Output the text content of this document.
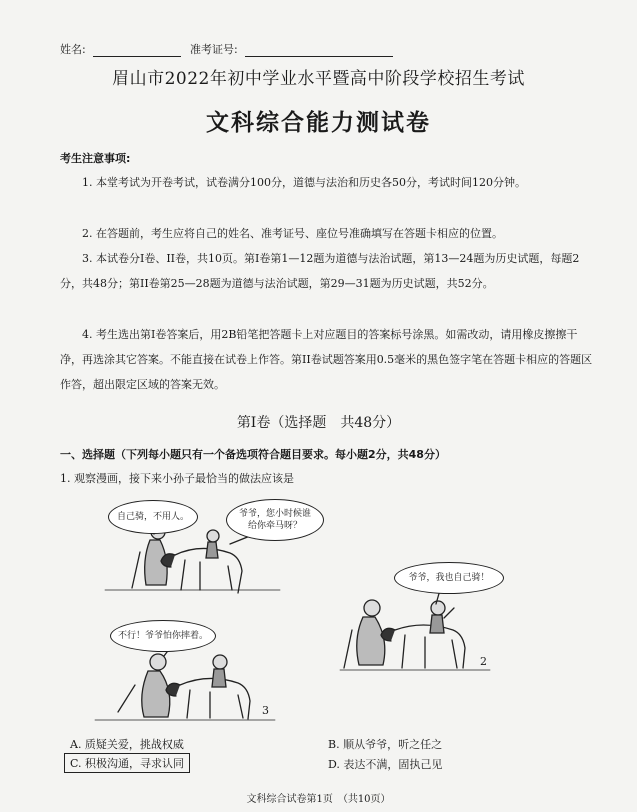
姓名:	准考证号:
眉山市2022年初中学业水平暨高中阶段学校招生考试
文科综合能力测试卷
考生注意事项:
1. 本堂考试为开卷考试，试卷满分100分，道德与法治和历史各50分，考试时间120分钟。
2. 在答题前，考生应将自己的姓名、准考证号、座位号准确填写在答题卡相应的位置。
3. 本试卷分I卷、II卷，共10页。第I卷第1—12题为道德与法治试题，第13—24题为历史试题，每题2分，共48分；第II卷第25—28题为道德与法治试题，第29—31题为历史试题，共52分。
4. 考生选出第I卷答案后，用2B铅笔把答题卡上对应题目的答案标号涂黑。如需改动，请用橡皮擦擦干净，再选涂其它答案。不能直接在试卷上作答。第II卷试题答案用0.5毫米的黑色签字笔在答题卡相应的答题区作答，超出限定区域的答案无效。
第I卷（选择题　共48分）
一、选择题（下列每小题只有一个备选项符合题目要求。每小题2分，共48分）
1. 观察漫画，接下来小孙子最恰当的做法应该是
自己骑，不用人。	爷爷，您小时候谁给你牵马呀？
爷爷，我也自己骑！
不行！爷爷怕你摔着。
2
3
A. 质疑关爱，挑战权威	B. 顺从爷爷，听之任之
C. 积极沟通，寻求认同	D. 表达不满，固执己见
文科综合试卷第1页　（共10页）
